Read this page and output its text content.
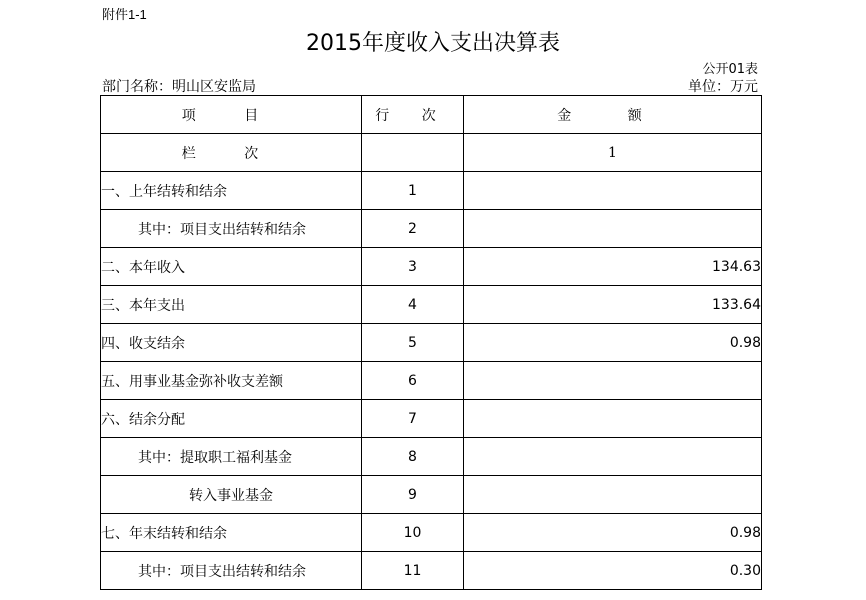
附件1-1
2015年度收入支出决算表
公开01表
部门名称：明山区安监局	单位：万元
项 目	行 次	金 额
栏 次		1
一、上年结转和结余	1	
其中：项目支出结转和结余	2	
二、本年收入	3	134.63
三、本年支出	4	133.64
四、收支结余	5	0.98
五、用事业基金弥补收支差额	6	
六、结余分配	7	
其中：提取职工福利基金	8	
转入事业基金	9	
七、年末结转和结余	10	0.98
其中：项目支出结转和结余	11	0.30
